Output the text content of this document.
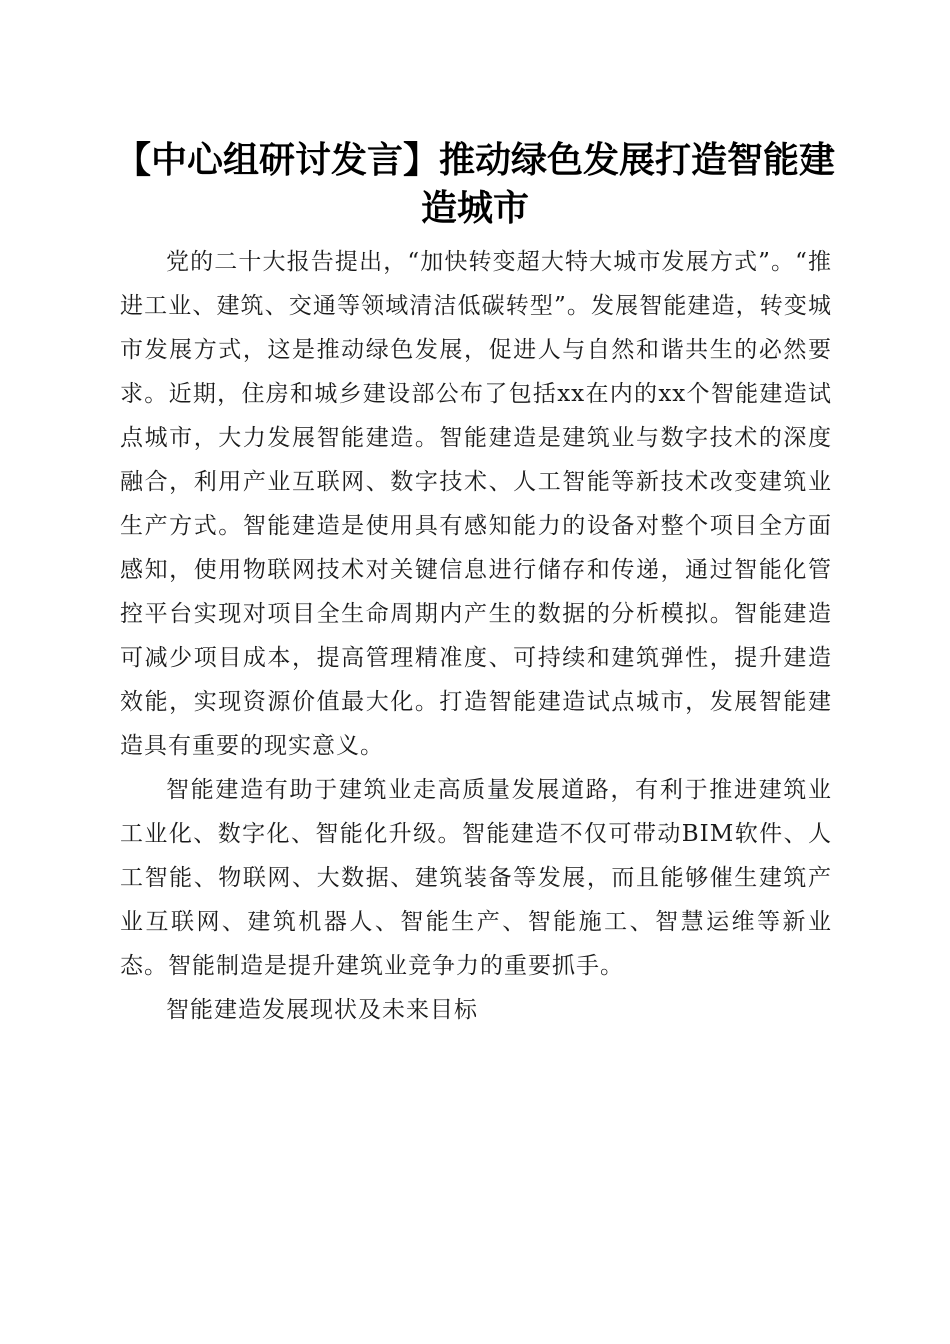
【中心组研讨发言】推动绿色发展打造智能建造城市

党的二十大报告提出，“加快转变超大特大城市发展方式”。“推进工业、建筑、交通等领域清洁低碳转型”。发展智能建造，转变城市发展方式，这是推动绿色发展，促进人与自然和谐共生的必然要求。近期，住房和城乡建设部公布了包括xx在内的xx个智能建造试点城市，大力发展智能建造。智能建造是建筑业与数字技术的深度融合，利用产业互联网、数字技术、人工智能等新技术改变建筑业生产方式。智能建造是使用具有感知能力的设备对整个项目全方面感知，使用物联网技术对关键信息进行储存和传递，通过智能化管控平台实现对项目全生命周期内产生的数据的分析模拟。智能建造可减少项目成本，提高管理精准度、可持续和建筑弹性，提升建造效能，实现资源价值最大化。打造智能建造试点城市，发展智能建造具有重要的现实意义。

智能建造有助于建筑业走高质量发展道路，有利于推进建筑业工业化、数字化、智能化升级。智能建造不仅可带动BIM软件、人工智能、物联网、大数据、建筑装备等发展，而且能够催生建筑产业互联网、建筑机器人、智能生产、智能施工、智慧运维等新业态。智能制造是提升建筑业竞争力的重要抓手。

智能建造发展现状及未来目标
